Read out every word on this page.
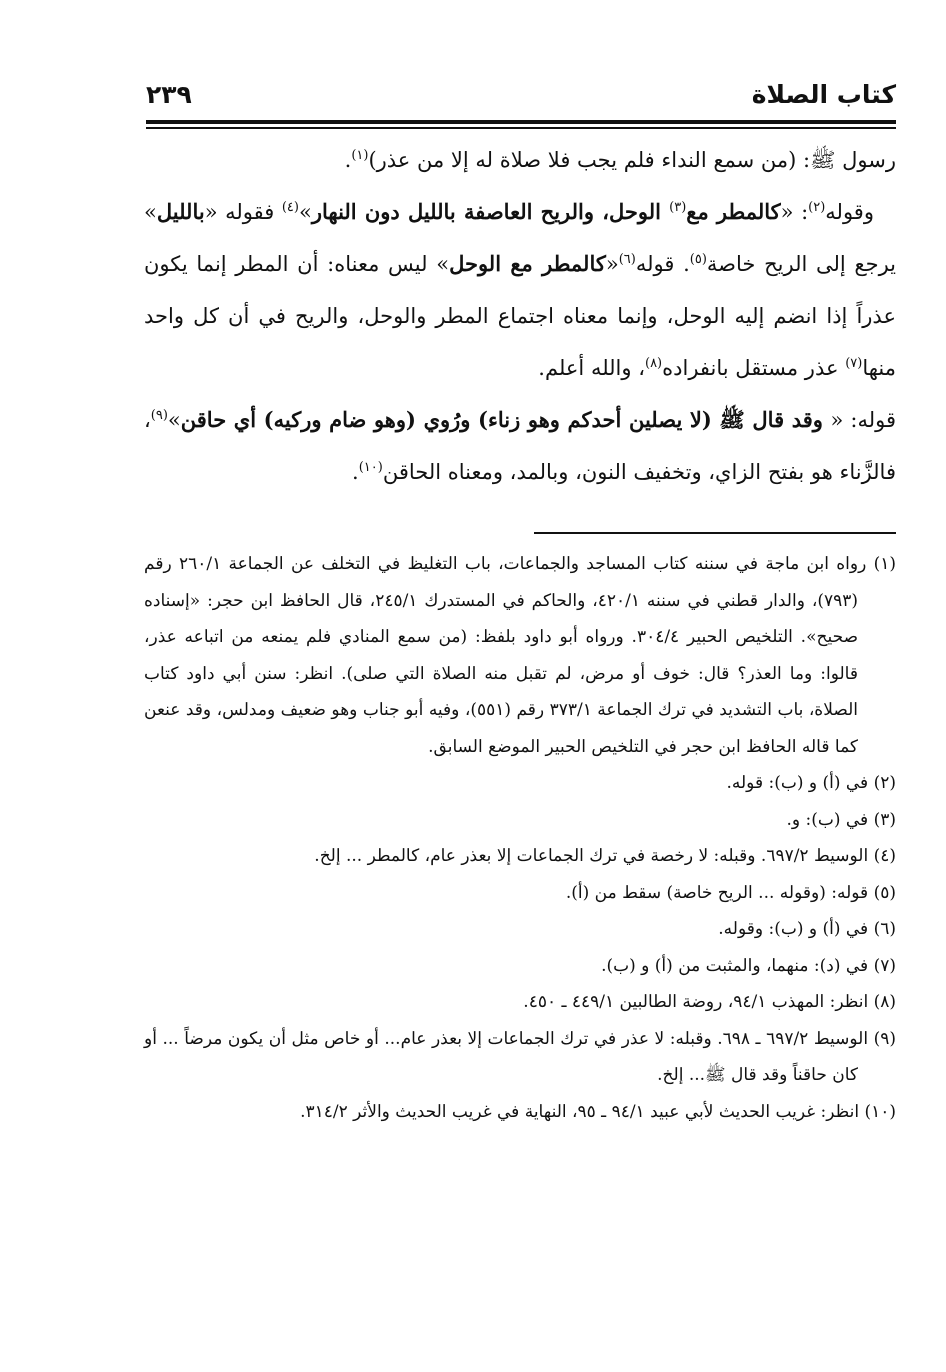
كتاب الصلاة
٢٣٩

رسول ﷺ: (من سمع النداء فلم يجب فلا صلاة له إلا من عذر)$^{(١)}$.

وقوله$^{(٢)}$: «كالمطر مع$^{(٣)}$ الوحل، والريح العاصفة بالليل دون النهار»$^{(٤)}$ فقوله «بالليل» يرجع إلى الريح خاصة$^{(٥)}$. قوله$^{(٦)}$«كالمطر مع الوحل» ليس معناه: أن المطر إنما يكون عذراً إذا انضم إليه الوحل، وإنما معناه اجتماع المطر والوحل، والريح في أن كل واحد منها$^{(٧)}$ عذر مستقل بانفراده$^{(٨)}$، والله أعلم.

قوله: « وقد قال ﷺ (لا يصلين أحدكم وهو زناء) ورُوي (وهو ضام وركيه) أي حاقن»$^{(٩)}$، فالزَّناء هو بفتح الزاي، وتخفيف النون، وبالمد، ومعناه الحاقن$^{(١٠)}$.

(١) رواه ابن ماجة في سننه كتاب المساجد والجماعات، باب التغليظ في التخلف عن الجماعة ٢٦٠/١ رقم (٧٩٣)، والدار قطني في سننه ٤٢٠/١، والحاكم في المستدرك ٢٤٥/١، قال الحافظ ابن حجر: «إسناده صحيح». التلخيص الحبير ٣٠٤/٤. ورواه أبو داود بلفظ: (من سمع المنادي فلم يمنعه من اتباعه عذر، قالوا: وما العذر؟ قال: خوف أو مرض، لم تقبل منه الصلاة التي صلى). انظر: سنن أبي داود كتاب الصلاة، باب التشديد في ترك الجماعة ٣٧٣/١ رقم (٥٥١)، وفيه أبو جناب وهو ضعيف ومدلس، وقد عنعن كما قاله الحافظ ابن حجر في التلخيص الحبير الموضع السابق.

(٢) في (أ) و (ب): قوله.

(٣) في (ب): و.

(٤) الوسيط ٦٩٧/٢. وقبله: لا رخصة في ترك الجماعات إلا بعذر عام، كالمطر ... إلخ.

(٥) قوله: (وقوله ... الريح خاصة) سقط من (أ).

(٦) في (أ) و (ب): وقوله.

(٧) في (د): منهما، والمثبت من (أ) و (ب).

(٨) انظر: المهذب ٩٤/١، روضة الطالبين ٤٤٩/١ ـ ٤٥٠.

(٩) الوسيط ٦٩٧/٢ ـ ٦٩٨. وقبله: لا عذر في ترك الجماعات إلا بعذر عام... أو خاص مثل أن يكون مرضاً ... أو كان حاقناً وقد قال ﷺ... إلخ.

(١٠) انظر: غريب الحديث لأبي عبيد ٩٤/١ ـ ٩٥، النهاية في غريب الحديث والأثر ٣١٤/٢.
